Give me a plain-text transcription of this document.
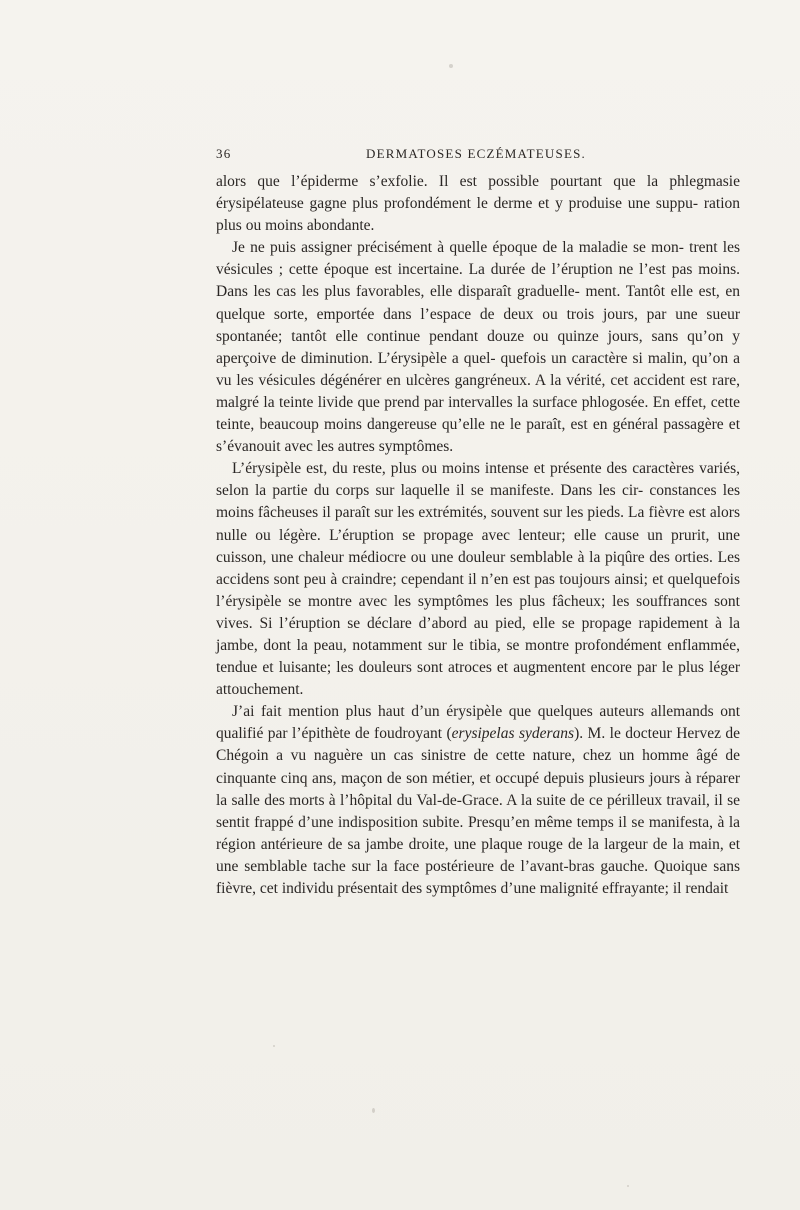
36	DERMATOSES ECZÉMATEUSES.

alors que l’épiderme s’exfolie. Il est possible pourtant que la phlegmasie érysipélateuse gagne plus profondément le derme et y produise une suppu- ration plus ou moins abondante.

Je ne puis assigner précisément à quelle époque de la maladie se mon- trent les vésicules ; cette époque est incertaine. La durée de l’éruption ne l’est pas moins. Dans les cas les plus favorables, elle disparaît graduelle- ment. Tantôt elle est, en quelque sorte, emportée dans l’espace de deux ou trois jours, par une sueur spontanée; tantôt elle continue pendant douze ou quinze jours, sans qu’on y aperçoive de diminution. L’érysipèle a quel- quefois un caractère si malin, qu’on a vu les vésicules dégénérer en ulcères gangréneux. A la vérité, cet accident est rare, malgré la teinte livide que prend par intervalles la surface phlogosée. En effet, cette teinte, beaucoup moins dangereuse qu’elle ne le paraît, est en général passagère et s’évanouit avec les autres symptômes.

L’érysipèle est, du reste, plus ou moins intense et présente des caractères variés, selon la partie du corps sur laquelle il se manifeste. Dans les cir- constances les moins fâcheuses il paraît sur les extrémités, souvent sur les pieds. La fièvre est alors nulle ou légère. L’éruption se propage avec lenteur; elle cause un prurit, une cuisson, une chaleur médiocre ou une douleur semblable à la piqûre des orties. Les accidens sont peu à craindre; cependant il n’en est pas toujours ainsi; et quelquefois l’érysipèle se montre avec les symptômes les plus fâcheux; les souffrances sont vives. Si l’éruption se déclare d’abord au pied, elle se propage rapidement à la jambe, dont la peau, notamment sur le tibia, se montre profondément enflammée, tendue et luisante; les douleurs sont atroces et augmentent encore par le plus léger attouchement.

J’ai fait mention plus haut d’un érysipèle que quelques auteurs allemands ont qualifié par l’épithète de foudroyant (erysipelas syderans). M. le docteur Hervez de Chégoin a vu naguère un cas sinistre de cette nature, chez un homme âgé de cinquante cinq ans, maçon de son métier, et occupé depuis plusieurs jours à réparer la salle des morts à l’hôpital du Val-de-Grace. A la suite de ce périlleux travail, il se sentit frappé d’une indisposition subite. Presqu’en même temps il se manifesta, à la région antérieure de sa jambe droite, une plaque rouge de la largeur de la main, et une semblable tache sur la face postérieure de l’avant-bras gauche. Quoique sans fièvre, cet individu présentait des symptômes d’une malignité effrayante; il rendait
